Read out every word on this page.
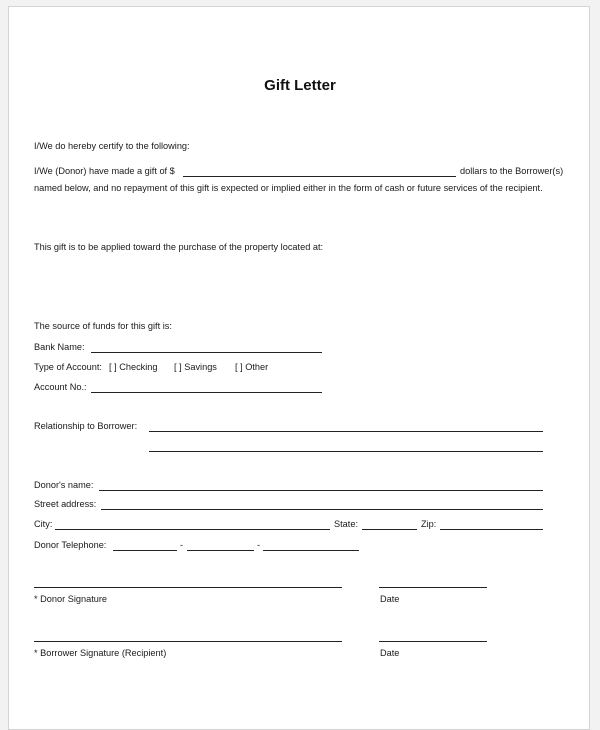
Gift Letter
I/We do hereby certify to the following:
I/We (Donor) have made a gift of $	dollars to the Borrower(s)
named below, and no repayment of this gift is expected or implied either in the form of cash or future services of the recipient.
This gift is to be applied toward the purchase of the property located at:
The source of funds for this gift is:
Bank Name:
Type of Account: [ ] Checking [ ] Savings [ ] Other
Account No.:
Relationship to Borrower:
Donor's name:
Street address:
City:	State:	Zip:
Donor Telephone:	-	-
* Donor Signature	Date
* Borrower Signature (Recipient)	Date
